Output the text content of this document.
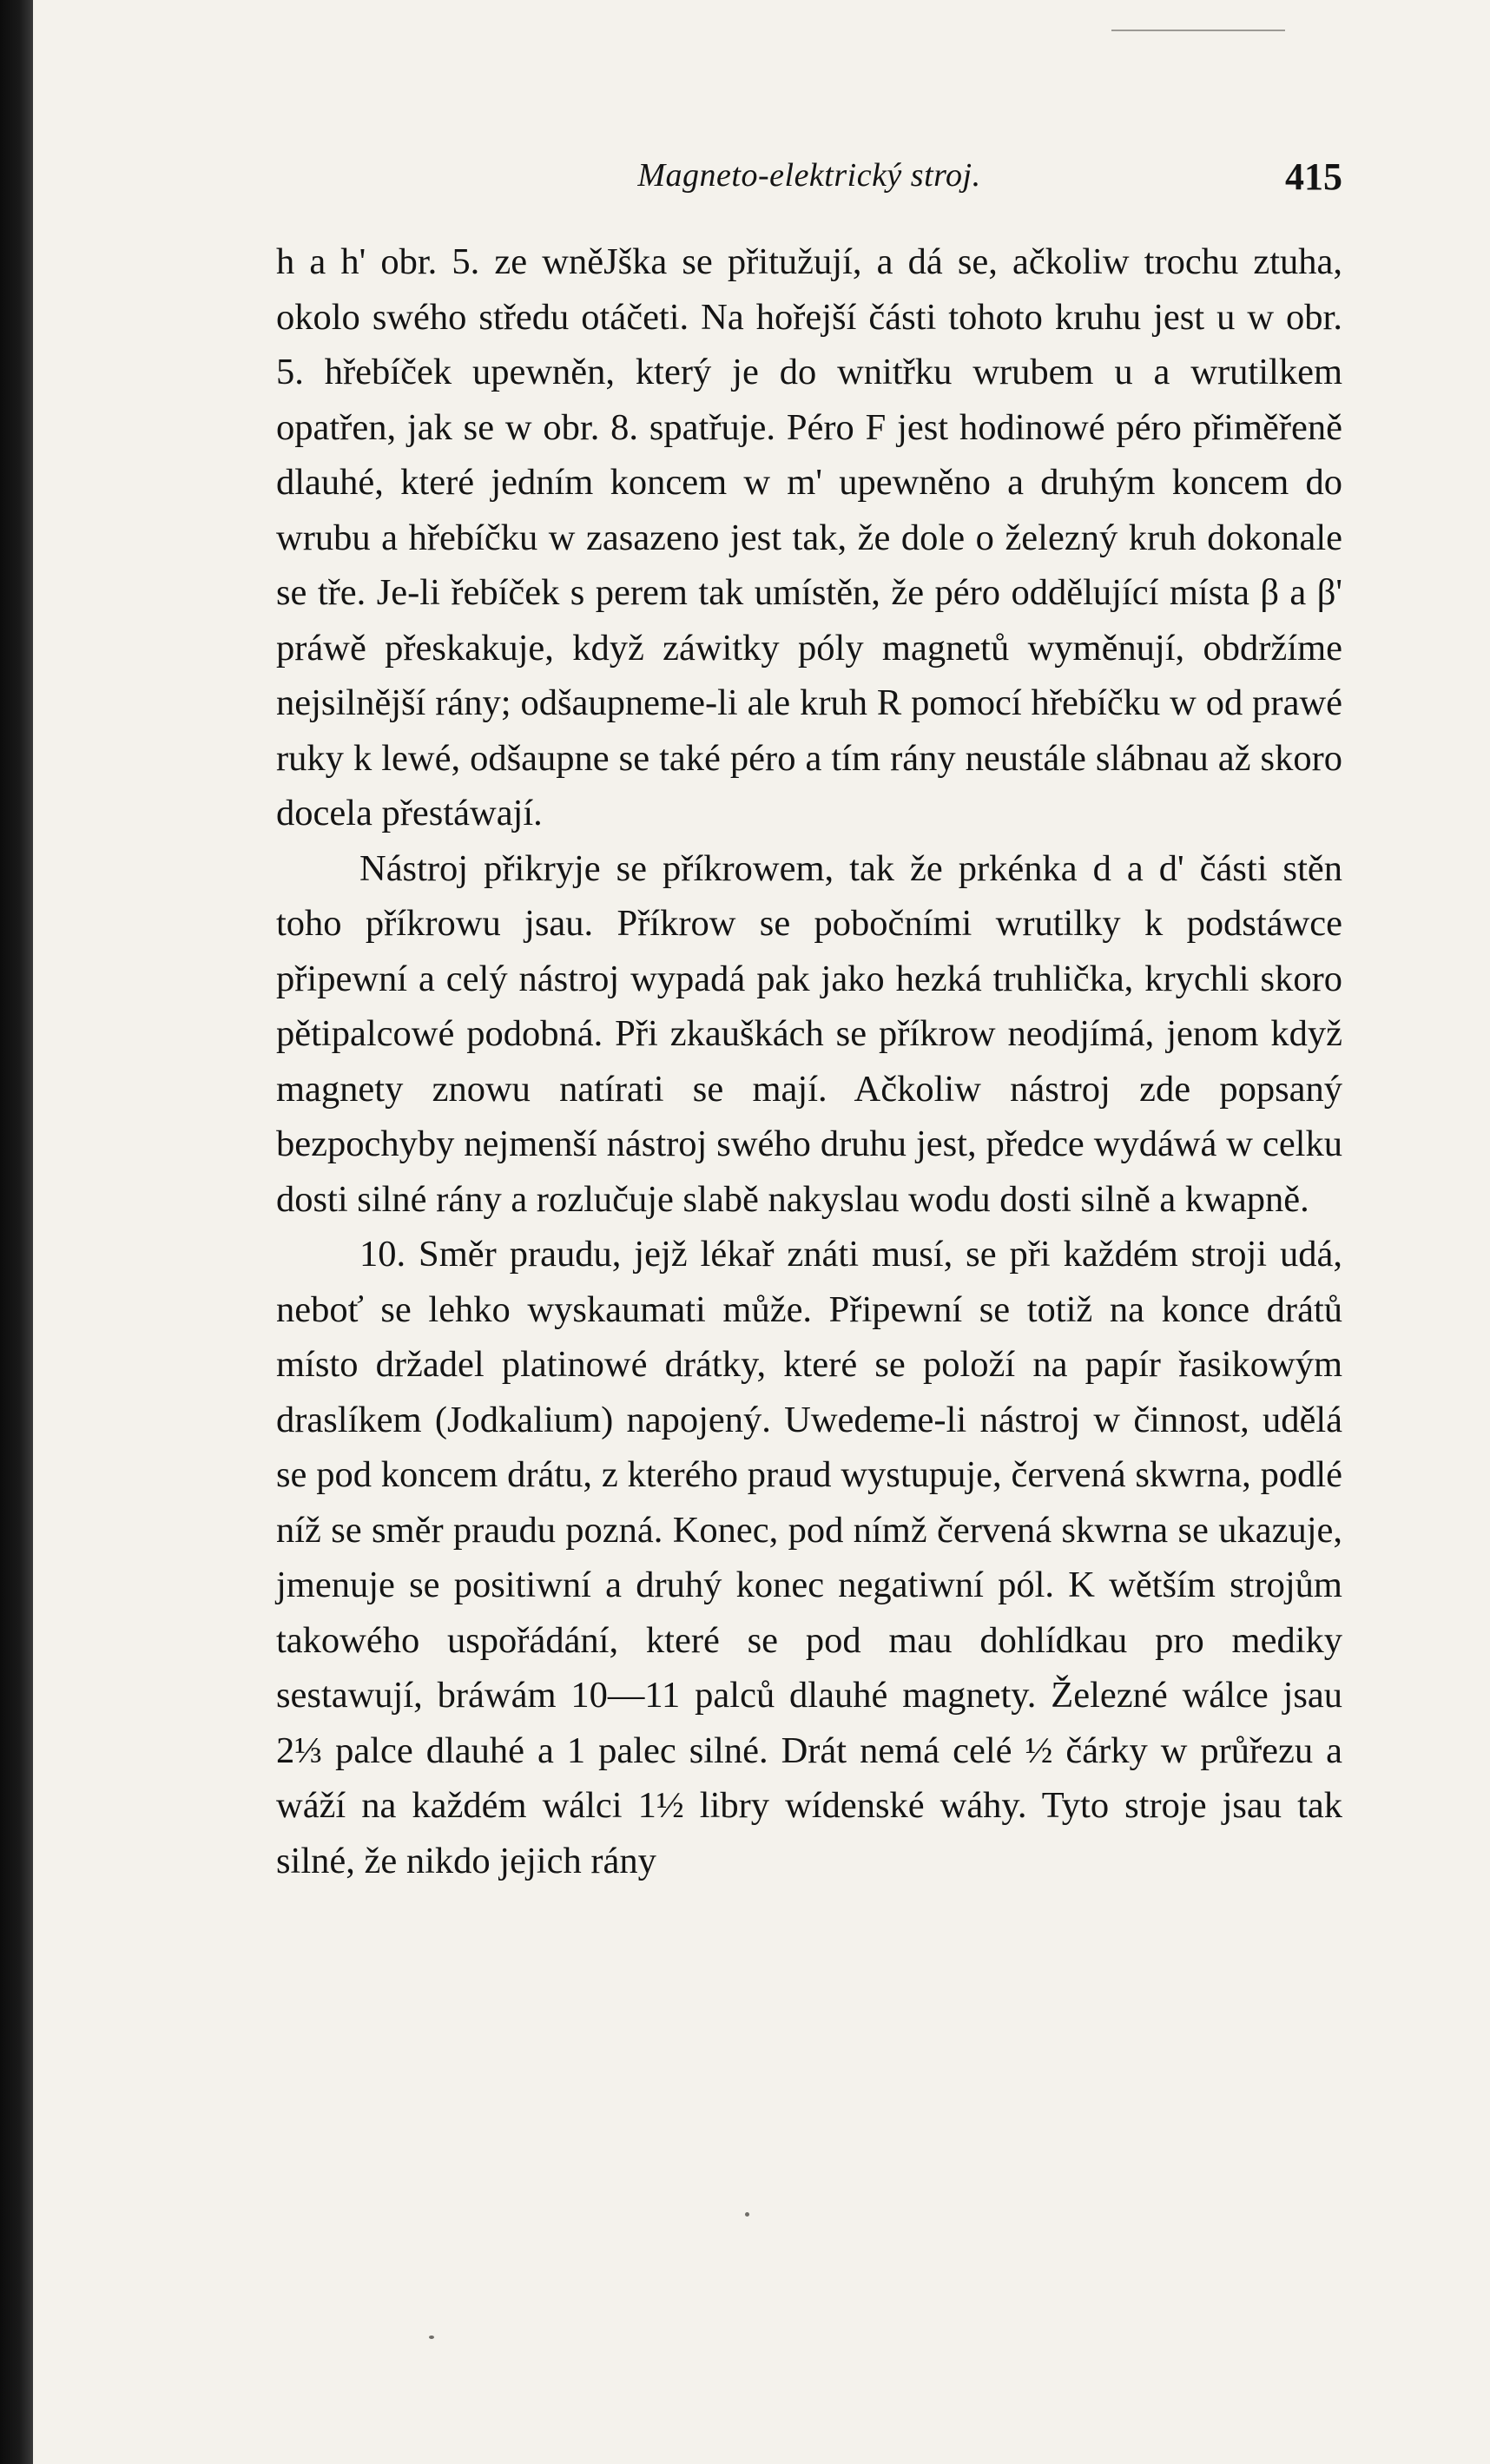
Magneto-elektrický stroj.	415

h a h' obr. 5. ze wněJška se přitužují, a dá se, ačkoliw trochu ztuha, okolo swého středu otáčeti. Na hořejší části tohoto kruhu jest u w obr. 5. hřebíček upewněn, který je do wnitřku wrubem u a wrutilkem opatřen, jak se w obr. 8. spatřuje. Péro F jest hodinowé péro přiměřeně dlauhé, které jedním koncem w m' upewněno a druhým koncem do wrubu a hřebíčku w zasazeno jest tak, že dole o železný kruh dokonale se tře. Je-li řebíček s perem tak umístěn, že péro oddělující místa β a β' práwě přeskakuje, když záwitky póly magnetů wyměnují, obdržíme nejsilnější rány; odšaupneme-li ale kruh R pomocí hřebíčku w od prawé ruky k lewé, odšaupne se také péro a tím rány neustále slábnau až skoro docela přestáwají.

Nástroj přikryje se příkrowem, tak že prkénka d a d' části stěn toho příkrowu jsau. Příkrow se pobočními wrutilky k podstáwce připewní a celý nástroj wypadá pak jako hezká truhlička, krychli skoro pětipalcowé podobná. Při zkauškách se příkrow neodjímá, jenom když magnety znowu natírati se mají. Ačkoliw nástroj zde popsaný bezpochyby nejmenší nástroj swého druhu jest, předce wydáwá w celku dosti silné rány a rozlučuje slabě nakyslau wodu dosti silně a kwapně.

10. Směr praudu, jejž lékař znáti musí, se při každém stroji udá, neboť se lehko wyskaumati může. Připewní se totiž na konce drátů místo držadel platinowé drátky, které se položí na papír řasikowým draslíkem (Jodkalium) napojený. Uwedeme-li nástroj w činnost, udělá se pod koncem drátu, z kterého praud wystupuje, červená skwrna, podlé níž se směr praudu pozná. Konec, pod nímž červená skwrna se ukazuje, jmenuje se positiwní a druhý konec negatiwní pól. K wětším strojům takowého uspořádání, které se pod mau dohlídkau pro mediky sestawují, bráwám 10—11 palců dlauhé magnety. Železné wálce jsau 2⅓ palce dlauhé a 1 palec silné. Drát nemá celé ½ čárky w průřezu a wáží na každém wálci 1½ libry wídenské wáhy. Tyto stroje jsau tak silné, že nikdo jejich rány
